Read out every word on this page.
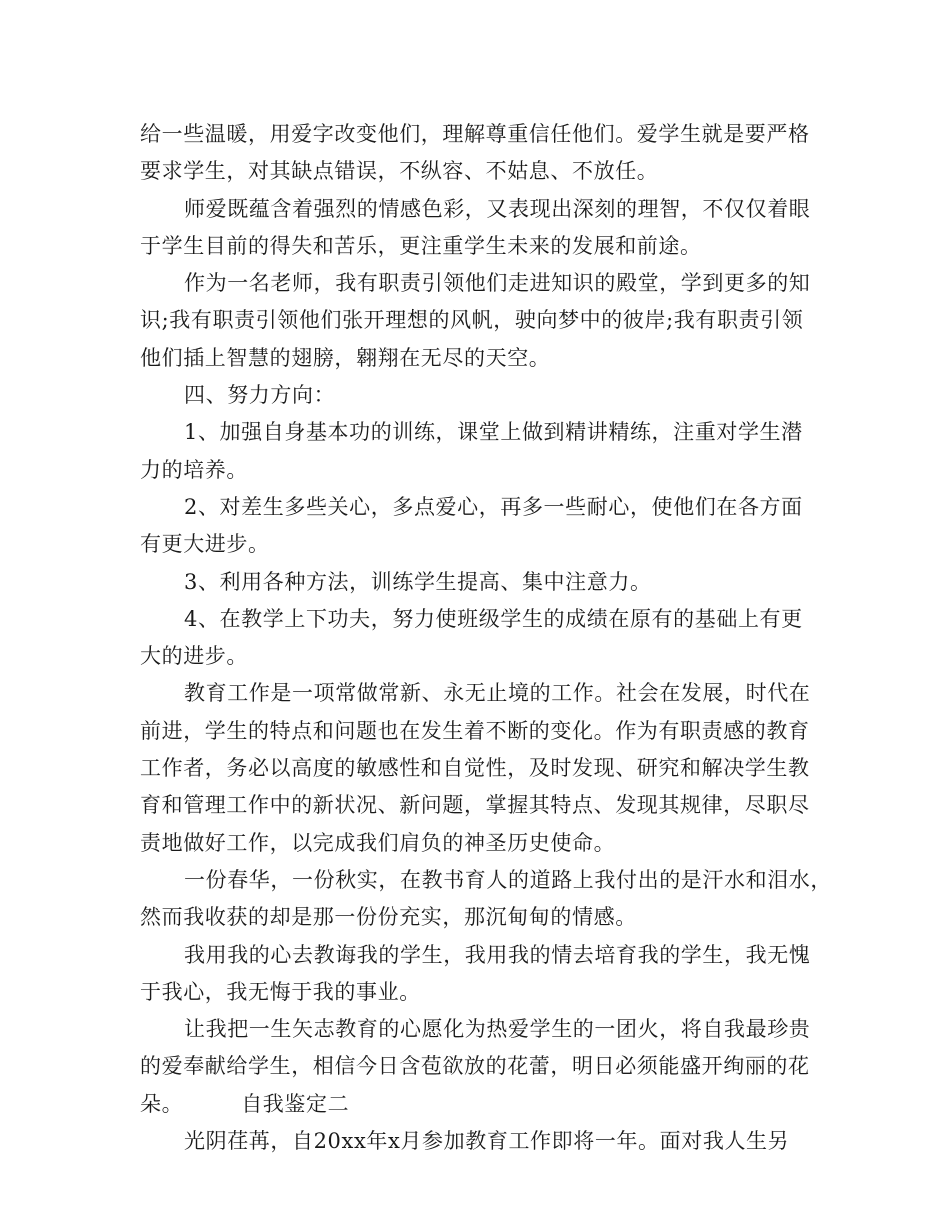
给一些温暖，用爱字改变他们，理解尊重信任他们。爱学生就是要严格
要求学生，对其缺点错误，不纵容、不姑息、不放任。
师爱既蕴含着强烈的情感色彩，又表现出深刻的理智，不仅仅着眼
于学生目前的得失和苦乐，更注重学生未来的发展和前途。
作为一名老师，我有职责引领他们走进知识的殿堂，学到更多的知
识;我有职责引领他们张开理想的风帆，驶向梦中的彼岸;我有职责引领
他们插上智慧的翅膀，翱翔在无尽的天空。
四、努力方向：
1、加强自身基本功的训练，课堂上做到精讲精练，注重对学生潜
力的培养。
2、对差生多些关心，多点爱心，再多一些耐心，使他们在各方面
有更大进步。
3、利用各种方法，训练学生提高、集中注意力。
4、在教学上下功夫，努力使班级学生的成绩在原有的基础上有更
大的进步。
教育工作是一项常做常新、永无止境的工作。社会在发展，时代在
前进，学生的特点和问题也在发生着不断的变化。作为有职责感的教育
工作者，务必以高度的敏感性和自觉性，及时发现、研究和解决学生教
育和管理工作中的新状况、新问题，掌握其特点、发现其规律，尽职尽
责地做好工作，以完成我们肩负的神圣历史使命。
一份春华，一份秋实，在教书育人的道路上我付出的是汗水和泪水，
然而我收获的却是那一份份充实，那沉甸甸的情感。
我用我的心去教诲我的学生，我用我的情去培育我的学生，我无愧
于我心，我无悔于我的事业。
让我把一生矢志教育的心愿化为热爱学生的一团火，将自我最珍贵
的爱奉献给学生，相信今日含苞欲放的花蕾，明日必须能盛开绚丽的花
朵。	自我鉴定二
光阴荏苒，自20xx年x月参加教育工作即将一年。面对我人生另
